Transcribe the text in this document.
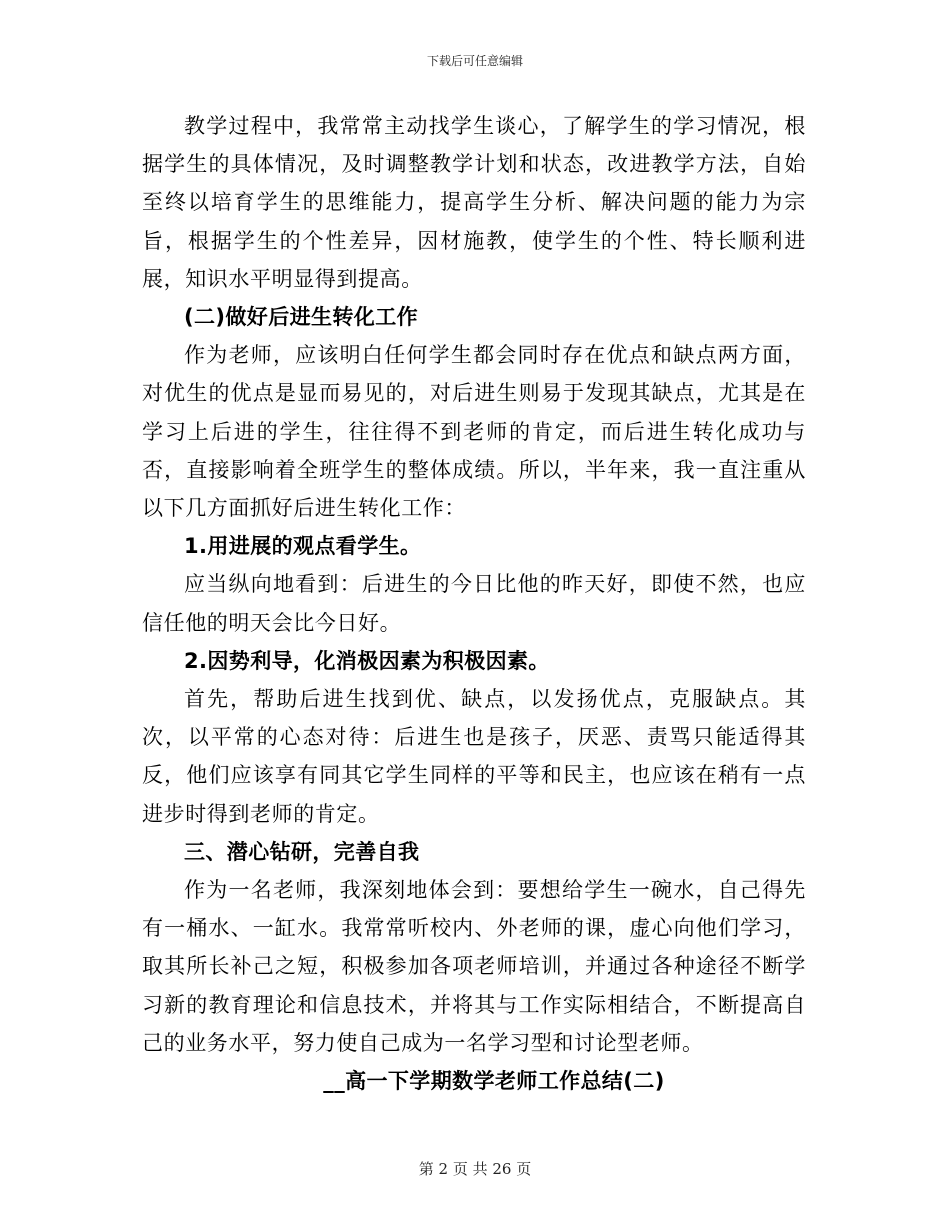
下载后可任意编辑

教学过程中，我常常主动找学生谈心，了解学生的学习情况，根据学生的具体情况，及时调整教学计划和状态，改进教学方法，自始至终以培育学生的思维能力，提高学生分析、解决问题的能力为宗旨，根据学生的个性差异，因材施教，使学生的个性、特长顺利进展，知识水平明显得到提高。

(二)做好后进生转化工作

作为老师，应该明白任何学生都会同时存在优点和缺点两方面，对优生的优点是显而易见的，对后进生则易于发现其缺点，尤其是在学习上后进的学生，往往得不到老师的肯定，而后进生转化成功与否，直接影响着全班学生的整体成绩。所以，半年来，我一直注重从以下几方面抓好后进生转化工作：

1.用进展的观点看学生。

应当纵向地看到：后进生的今日比他的昨天好，即使不然，也应信任他的明天会比今日好。

2.因势利导，化消极因素为积极因素。

首先，帮助后进生找到优、缺点，以发扬优点，克服缺点。其次，以平常的心态对待：后进生也是孩子，厌恶、责骂只能适得其反，他们应该享有同其它学生同样的平等和民主，也应该在稍有一点进步时得到老师的肯定。

三、潜心钻研，完善自我

作为一名老师，我深刻地体会到：要想给学生一碗水，自己得先有一桶水、一缸水。我常常听校内、外老师的课，虚心向他们学习，取其所长补己之短，积极参加各项老师培训，并通过各种途径不断学习新的教育理论和信息技术，并将其与工作实际相结合，不断提高自己的业务水平，努力使自己成为一名学习型和讨论型老师。

__高一下学期数学老师工作总结(二)

第 2 页 共 26 页
